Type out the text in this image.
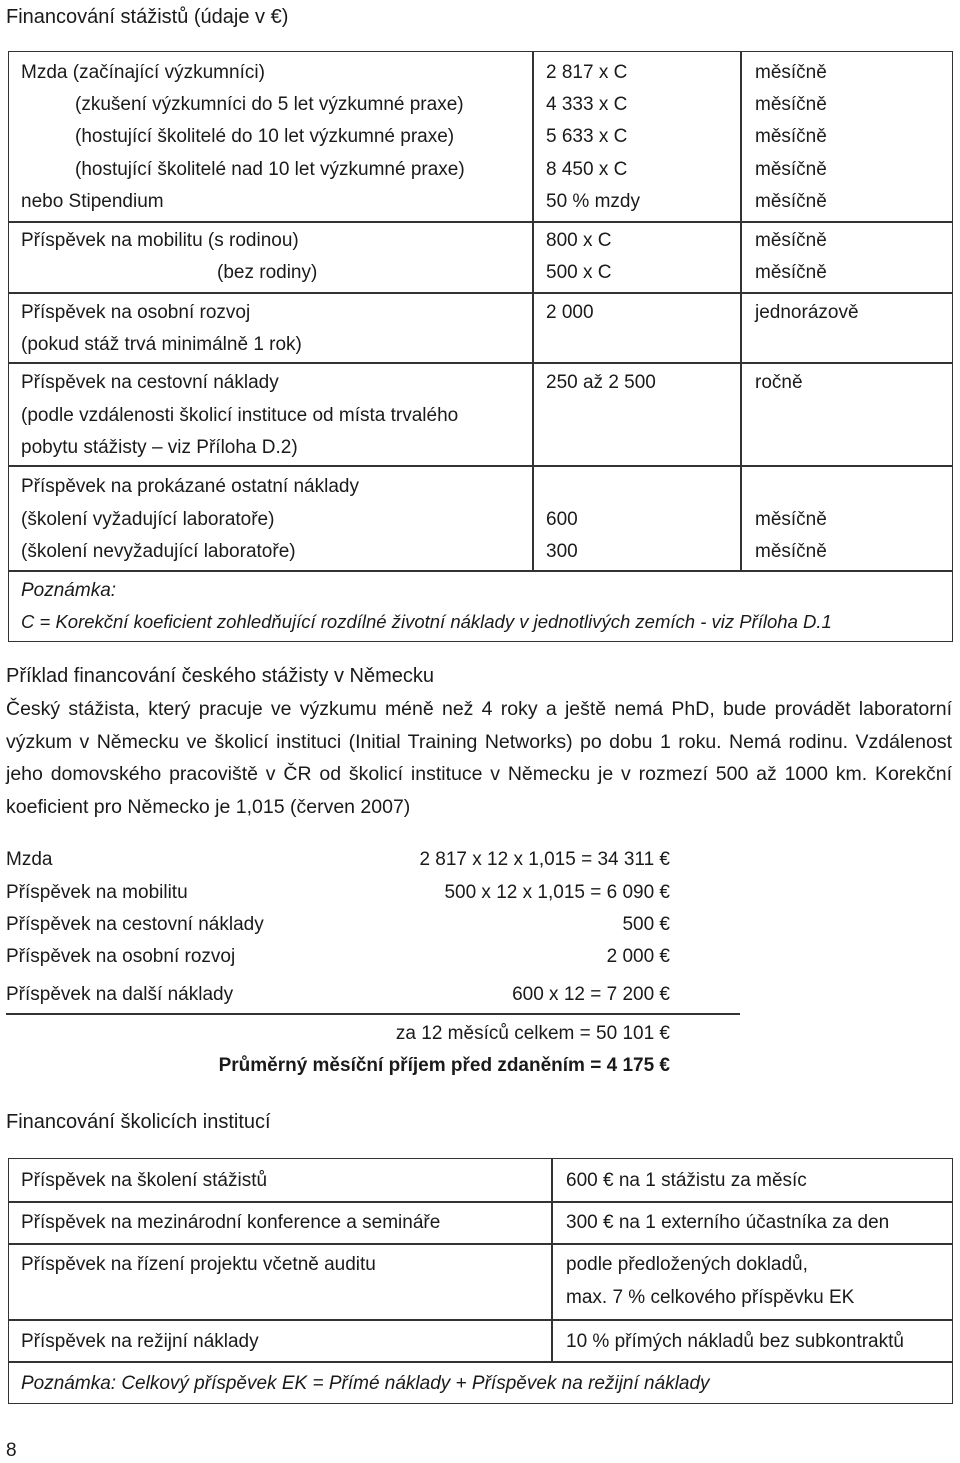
Financování stážistů (údaje v €)
Mzda (začínající výzkumníci)	2 817 x C	měsíčně
(zkušení výzkumníci do 5 let výzkumné praxe)	4 333 x C	měsíčně
(hostující školitelé do 10 let výzkumné praxe)	5 633 x C	měsíčně
(hostující školitelé nad 10 let výzkumné praxe)	8 450 x C	měsíčně
nebo Stipendium	50 % mzdy	měsíčně
Příspěvek na mobilitu (s rodinou)	800 x C	měsíčně
(bez rodiny)	500 x C	měsíčně
Příspěvek na osobní rozvoj	2 000	jednorázově
(pokud stáž trvá minimálně 1 rok)
Příspěvek na cestovní náklady	250 až 2 500	ročně
(podle vzdálenosti školicí instituce od místa trvalého
pobytu stážisty – viz Příloha D.2)
Příspěvek na prokázané ostatní náklady
(školení vyžadující laboratoře)	600	měsíčně
(školení nevyžadující laboratoře)	300	měsíčně
Poznámka:
C = Korekční koeficient zohledňující rozdílné životní náklady v jednotlivých zemích - viz Příloha D.1
Příklad financování českého stážisty v Německu
Český stážista, který pracuje ve výzkumu méně než 4 roky a ještě nemá PhD, bude provádět laboratorní výzkum v Německu ve školicí instituci (Initial Training Networks) po dobu 1 roku. Nemá rodinu. Vzdálenost jeho domovského pracoviště v ČR od školicí instituce v Německu je v rozmezí 500 až 1000 km. Korekční koeficient pro Německo je 1,015 (červen 2007)
Mzda	2 817 x 12 x 1,015 = 34 311 €
Příspěvek na mobilitu	500 x 12 x 1,015 = 6 090 €
Příspěvek na cestovní náklady	500 €
Příspěvek na osobní rozvoj	2 000 €
Příspěvek na další náklady	600 x 12 = 7 200 €
za 12 měsíců celkem = 50 101 €
Průměrný měsíční příjem před zdaněním = 4 175 €
Financování školicích institucí
Příspěvek na školení stážistů	600 € na 1 stážistu za měsíc
Příspěvek na mezinárodní konference a semináře	300 € na 1 externího účastníka za den
Příspěvek na řízení projektu včetně auditu	podle předložených dokladů,
max. 7 % celkového příspěvku EK
Příspěvek na režijní náklady	10 % přímých nákladů bez subkontraktů
Poznámka: Celkový příspěvek EK = Přímé náklady + Příspěvek na režijní náklady
8
